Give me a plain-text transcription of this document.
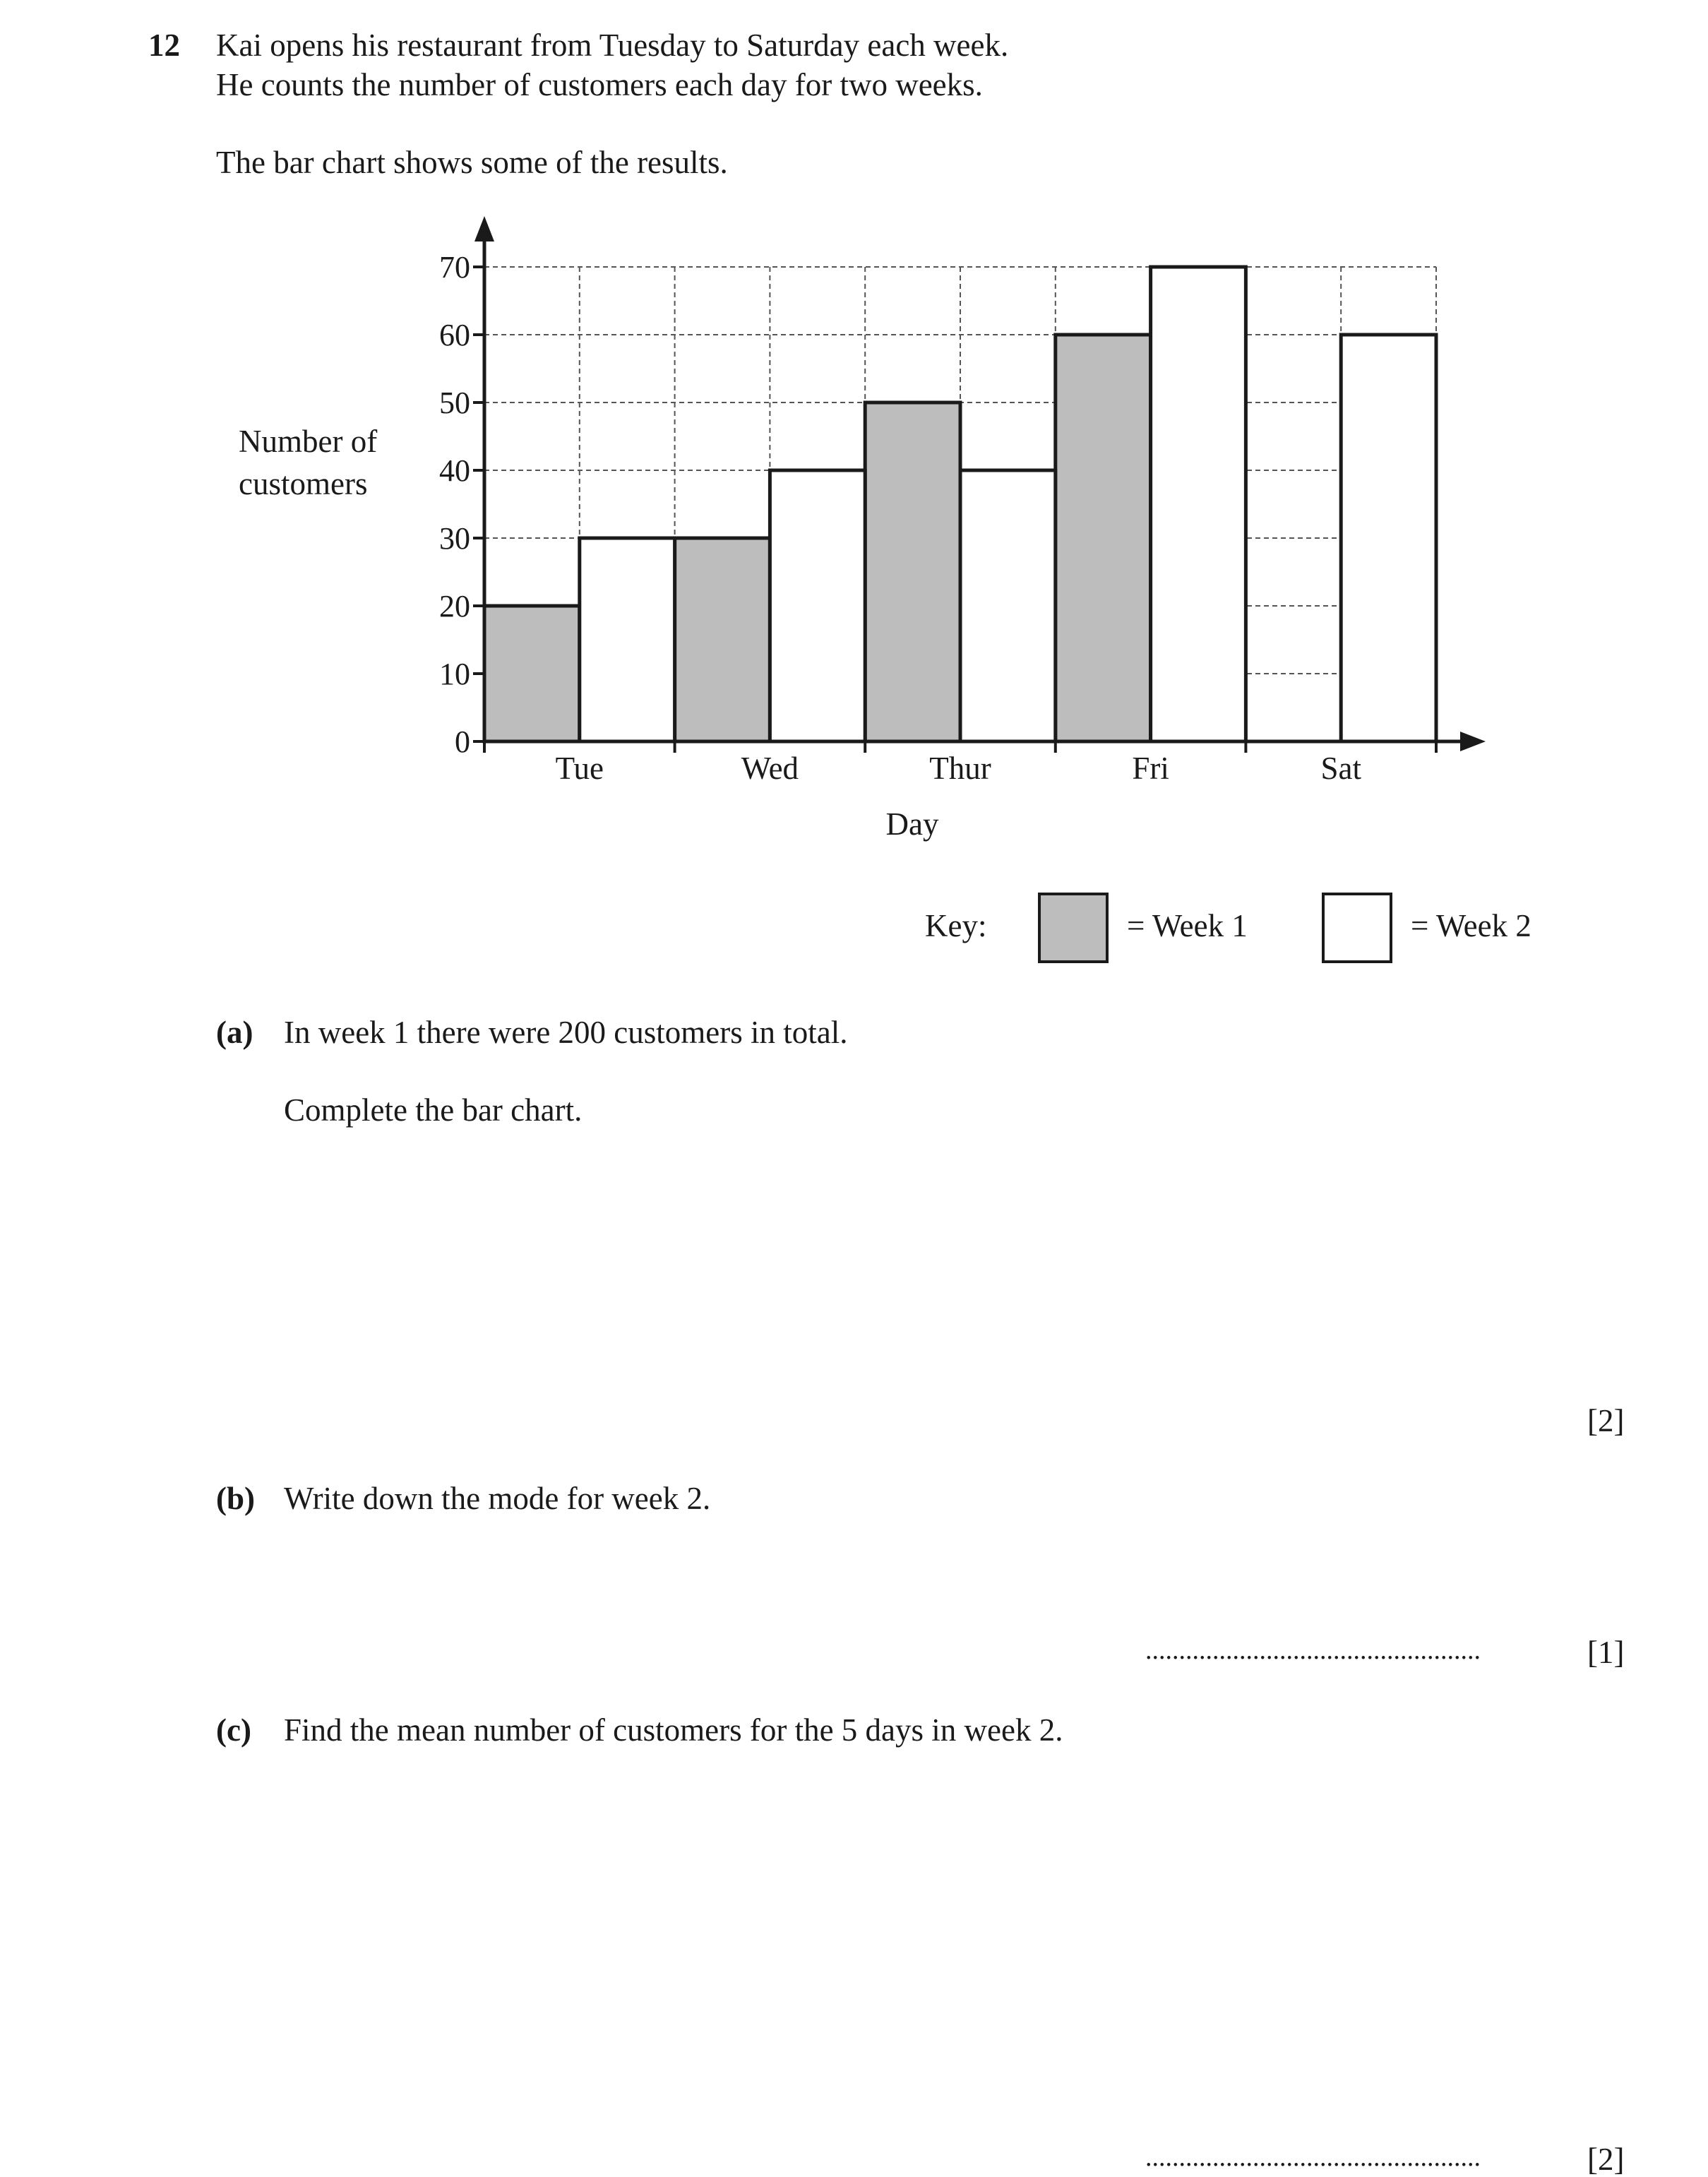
12 Kai opens his restaurant from Tuesday to Saturday each week.
He counts the number of customers each day for two weeks.
The bar chart shows some of the results.
0
10
20
30
40
50
60
70
Tue	Wed	Thur	Fri	Sat
Day
Number of
customers
Key:	= Week 1	= Week 2
(a) In week 1 there were 200 customers in total.
Complete the bar chart.
[2]
(b) Write down the mode for week 2.
..................................................	[1]
(c) Find the mean number of customers for the 5 days in week 2.
..................................................	[2]
